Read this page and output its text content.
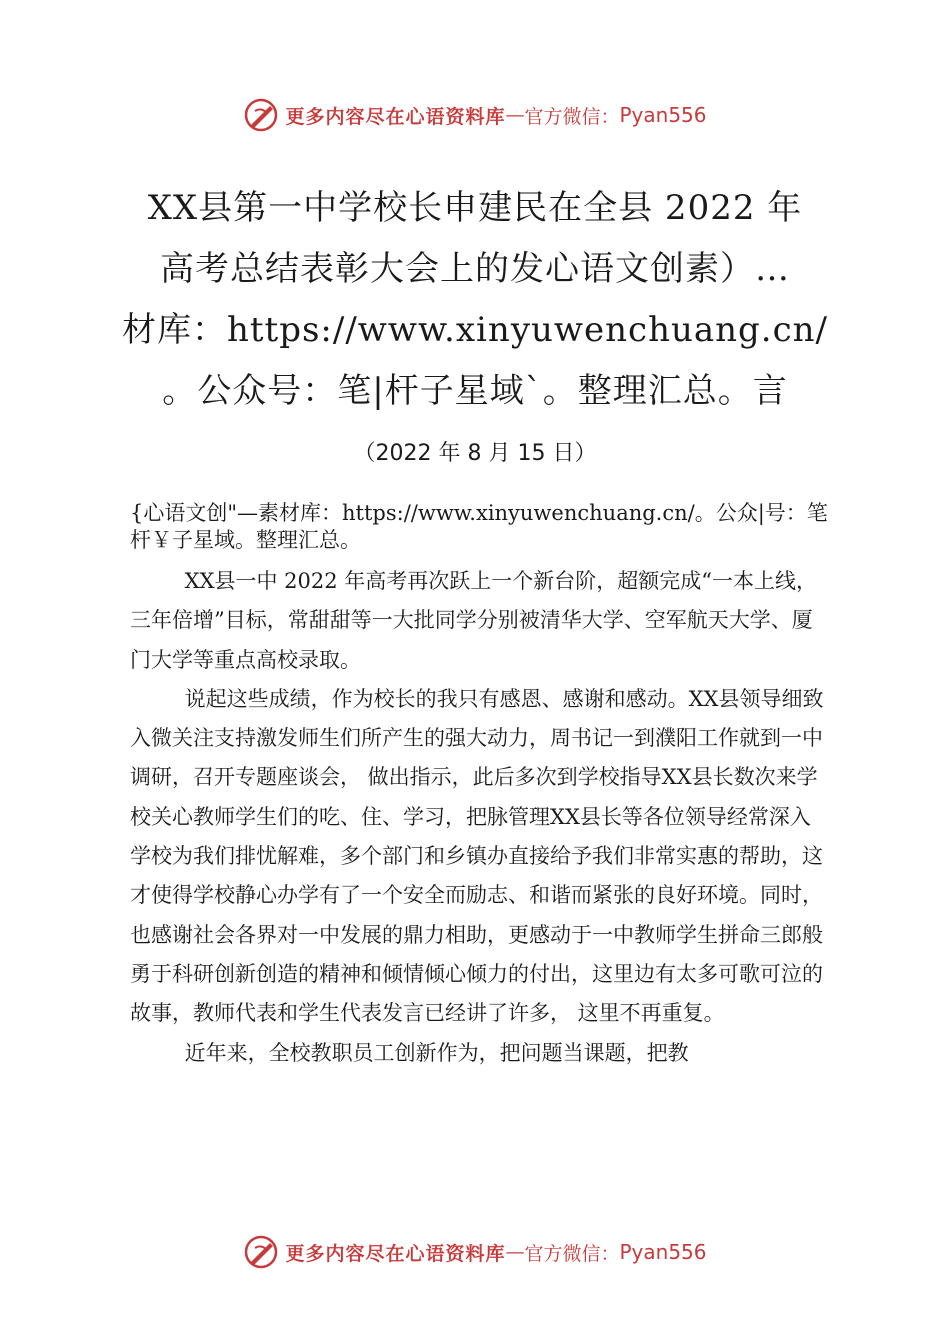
更多内容尽在心语资料库 — 官方微信： Pyan556
XX县第一中学校长申建民在全县 2022 年
高考总结表彰大会上的发心语文创素）…
材库：https://www.xinyuwenchuang.cn/
。公众号：笔|杆子星域`。整理汇总。言
（2022 年 8 月 15 日）

{心语文创"—素材库：https://www.xinyuwenchuang.cn/。公众|号：笔杆￥子星域。整理汇总。

XX县一中 2022 年高考再次跃上一个新台阶，超额完成“一本上线，三年倍增”目标，常甜甜等一大批同学分别被清华大学、空军航天大学、厦门大学等重点高校录取。

说起这些成绩，作为校长的我只有感恩、感谢和感动。XX县领导细致入微关注支持激发师生们所产生的强大动力，周书记一到濮阳工作就到一中调研，召开专题座谈会， 做出指示，此后多次到学校指导XX县长数次来学校关心教师学生们的吃、住、学习，把脉管理XX县长等各位领导经常深入学校为我们排忧解难，多个部门和乡镇办直接给予我们非常实惠的帮助，这才使得学校静心办学有了一个安全而励志、和谐而紧张的良好环境。同时，也感谢社会各界对一中发展的鼎力相助，更感动于一中教师学生拼命三郎般勇于科研创新创造的精神和倾情倾心倾力的付出，这里边有太多可歌可泣的故事，教师代表和学生代表发言已经讲了许多， 这里不再重复。

近年来，全校教职员工创新作为，把问题当课题，把教

更多内容尽在心语资料库 — 官方微信： Pyan556
